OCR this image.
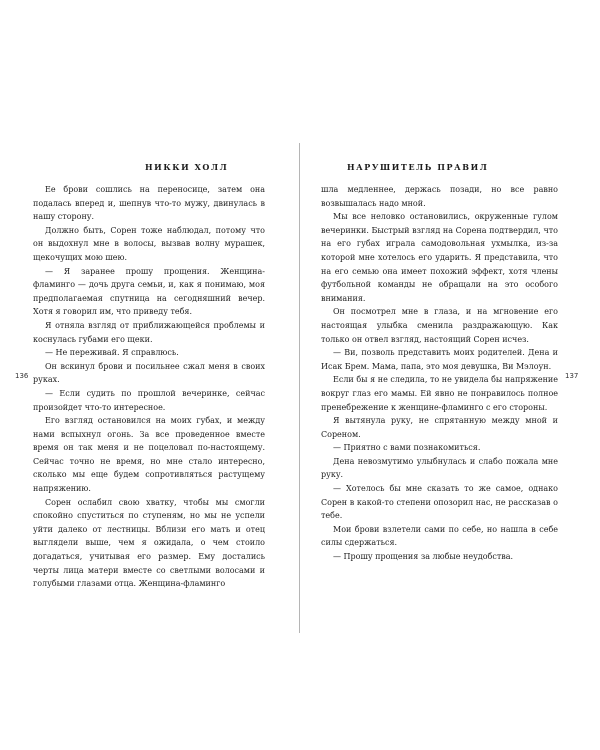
НИККИ ХОЛЛ

Ее брови сошлись на переносице, затем она подалась вперед и, шепнув что-то мужу, двинулась в нашу сторону.

Должно быть, Сорен тоже наблюдал, потому что он выдохнул мне в волосы, вызвав волну мурашек, щекочущих мою шею.

— Я заранее прошу прощения. Женщина-фламинго — дочь друга семьи, и, как я понимаю, моя предполагаемая спутница на сегодняшний вечер. Хотя я говорил им, что приведу тебя.

Я отняла взгляд от приближающейся проблемы и коснулась губами его щеки.

— Не переживай. Я справлюсь.

Он вскинул брови и посильнее сжал меня в своих руках.

— Если судить по прошлой вечеринке, сейчас произойдет что-то интересное.

Его взгляд остановился на моих губах, и между нами вспыхнул огонь. За все проведенное вместе время он так меня и не поцеловал по-настоящему. Сейчас точно не время, но мне стало интересно, сколько мы еще будем сопротивляться растущему напряжению.

Сорен ослабил свою хватку, чтобы мы смогли спокойно спуститься по ступеням, но мы не успели уйти далеко от лестницы. Вблизи его мать и отец выглядели выше, чем я ожидала, о чем стоило догадаться, учитывая его размер. Ему достались черты лица матери вместе со светлыми волосами и голубыми глазами отца. Женщина-фламинго

НАРУШИТЕЛЬ ПРАВИЛ

шла медленнее, держась позади, но все равно возвышалась надо мной.

Мы все неловко остановились, окруженные гулом вечеринки. Быстрый взгляд на Сорена подтвердил, что на его губах играла самодовольная ухмылка, из-за которой мне хотелось его ударить. Я представила, что на его семью она имеет похожий эффект, хотя члены футбольной команды не обращали на это особого внимания.

Он посмотрел мне в глаза, и на мгновение его настоящая улыбка сменила раздражающую. Как только он отвел взгляд, настоящий Сорен исчез.

— Ви, позволь представить моих родителей. Дена и Исак Брем. Мама, папа, это моя девушка, Ви Мэлоун.

Если бы я не следила, то не увидела бы напряжение вокруг глаз его мамы. Ей явно не понравилось полное пренебрежение к женщине-фламинго с его стороны.

Я вытянула руку, не спрятанную между мной и Сореном.

— Приятно с вами познакомиться.

Дена невозмутимо улыбнулась и слабо пожала мне руку.

— Хотелось бы мне сказать то же самое, однако Сорен в какой-то степени опозорил нас, не рассказав о тебе.

Мои брови взлетели сами по себе, но нашла в себе силы сдержаться.

— Прошу прощения за любые неудобства.

136	137
